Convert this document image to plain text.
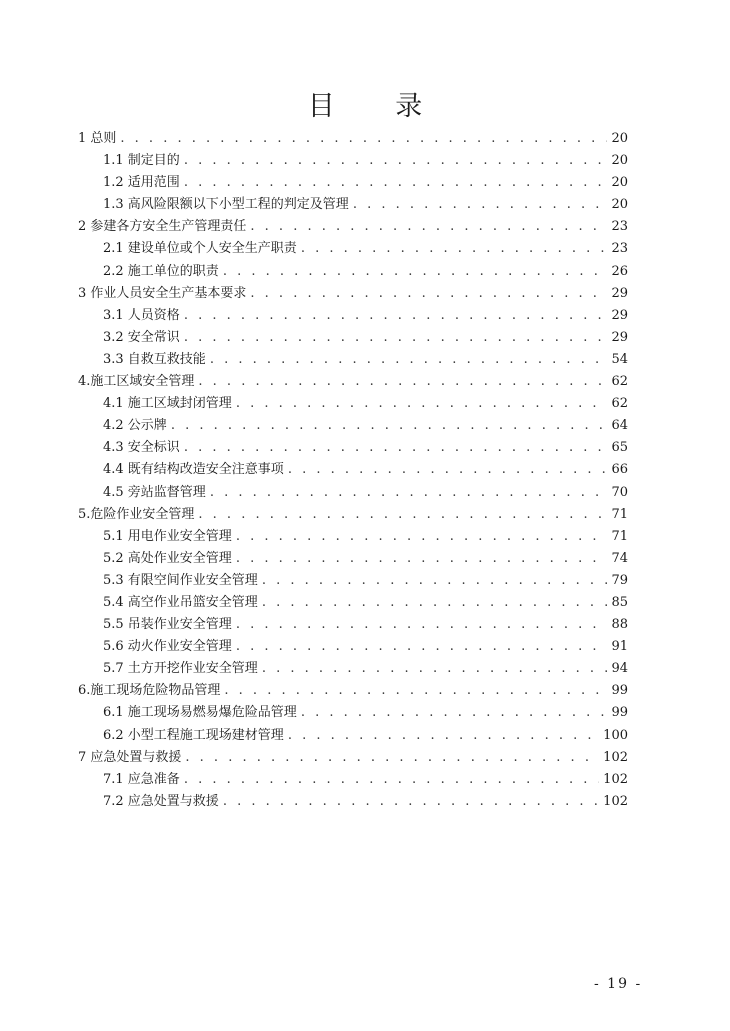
目 录
1 总则 . . .	20
1.1 制定目的 . . .	20
1.2 适用范围 . . .	20
1.3 高风险限额以下小型工程的判定及管理 . . .	20
2 参建各方安全生产管理责任 . . .	23
2.1 建设单位或个人安全生产职责 . . .	23
2.2 施工单位的职责 . . .	26
3 作业人员安全生产基本要求 . . .	29
3.1 人员资格 . . .	29
3.2 安全常识 . . .	29
3.3 自救互救技能 . . .	54
4.施工区域安全管理 . . .	62
4.1 施工区域封闭管理 . . .	62
4.2 公示牌 . . .	64
4.3 安全标识 . . .	65
4.4 既有结构改造安全注意事项 . . .	66
4.5 旁站监督管理 . . .	70
5.危险作业安全管理 . . .	71
5.1 用电作业安全管理 . . .	71
5.2 高处作业安全管理 . . .	74
5.3 有限空间作业安全管理 . . .	79
5.4 高空作业吊篮安全管理 . . .	85
5.5 吊装作业安全管理 . . .	88
5.6 动火作业安全管理 . . .	91
5.7 土方开挖作业安全管理 . . .	94
6.施工现场危险物品管理 . . .	99
6.1 施工现场易燃易爆危险品管理 . . .	99
6.2 小型工程施工现场建材管理 . . .	100
7 应急处置与救援 . . .	102
7.1 应急准备 . . .	102
7.2 应急处置与救援 . . .	102
- 19 -
